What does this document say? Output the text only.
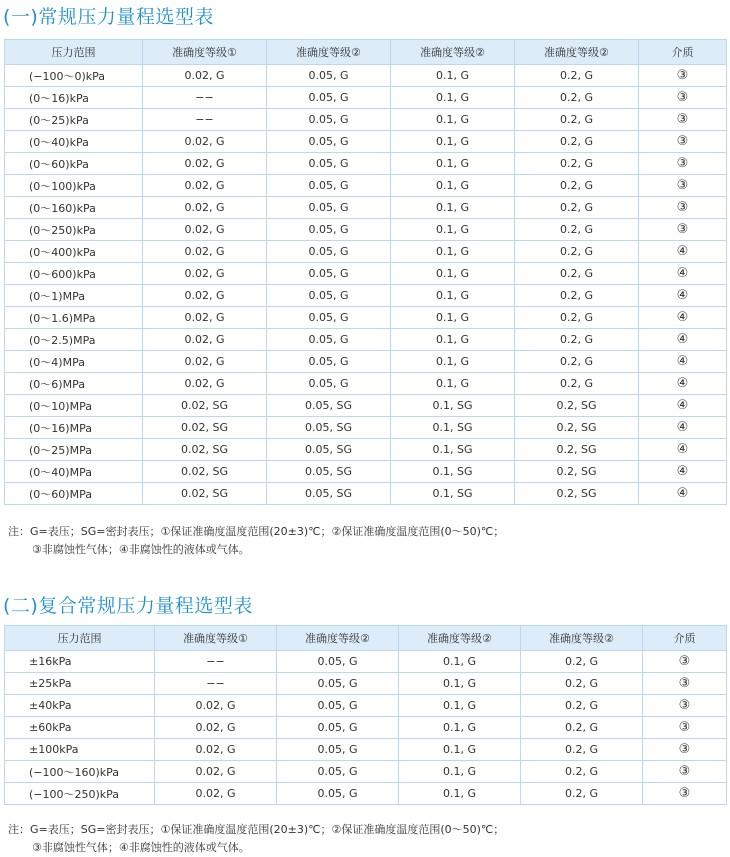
(一)常规压力量程选型表
压力范围	准确度等级①	准确度等级②	准确度等级②	准确度等级②	介质
(−100～0)kPa	0.02, G	0.05, G	0.1, G	0.2, G	③
(0～16)kPa	−−	0.05, G	0.1, G	0.2, G	③
(0～25)kPa	−−	0.05, G	0.1, G	0.2, G	③
(0～40)kPa	0.02, G	0.05, G	0.1, G	0.2, G	③
(0～60)kPa	0.02, G	0.05, G	0.1, G	0.2, G	③
(0～100)kPa	0.02, G	0.05, G	0.1, G	0.2, G	③
(0～160)kPa	0.02, G	0.05, G	0.1, G	0.2, G	③
(0～250)kPa	0.02, G	0.05, G	0.1, G	0.2, G	③
(0～400)kPa	0.02, G	0.05, G	0.1, G	0.2, G	④
(0～600)kPa	0.02, G	0.05, G	0.1, G	0.2, G	④
(0～1)MPa	0.02, G	0.05, G	0.1, G	0.2, G	④
(0～1.6)MPa	0.02, G	0.05, G	0.1, G	0.2, G	④
(0～2.5)MPa	0.02, G	0.05, G	0.1, G	0.2, G	④
(0～4)MPa	0.02, G	0.05, G	0.1, G	0.2, G	④
(0～6)MPa	0.02, G	0.05, G	0.1, G	0.2, G	④
(0～10)MPa	0.02, SG	0.05, SG	0.1, SG	0.2, SG	④
(0～16)MPa	0.02, SG	0.05, SG	0.1, SG	0.2, SG	④
(0～25)MPa	0.02, SG	0.05, SG	0.1, SG	0.2, SG	④
(0～40)MPa	0.02, SG	0.05, SG	0.1, SG	0.2, SG	④
(0～60)MPa	0.02, SG	0.05, SG	0.1, SG	0.2, SG	④

注：G=表压；SG=密封表压；①保证准确度温度范围(20±3)℃；②保证准确度温度范围(0～50)℃；
③非腐蚀性气体；④非腐蚀性的液体或气体。

(二)复合常规压力量程选型表
压力范围	准确度等级①	准确度等级②	准确度等级②	准确度等级②	介质
±16kPa	−−	0.05, G	0.1, G	0.2, G	③
±25kPa	−−	0.05, G	0.1, G	0.2, G	③
±40kPa	0.02, G	0.05, G	0.1, G	0.2, G	③
±60kPa	0.02, G	0.05, G	0.1, G	0.2, G	③
±100kPa	0.02, G	0.05, G	0.1, G	0.2, G	③
(−100～160)kPa	0.02, G	0.05, G	0.1, G	0.2, G	③
(−100～250)kPa	0.02, G	0.05, G	0.1, G	0.2, G	③

注：G=表压；SG=密封表压；①保证准确度温度范围(20±3)℃；②保证准确度温度范围(0～50)℃；
③非腐蚀性气体；④非腐蚀性的液体或气体。
